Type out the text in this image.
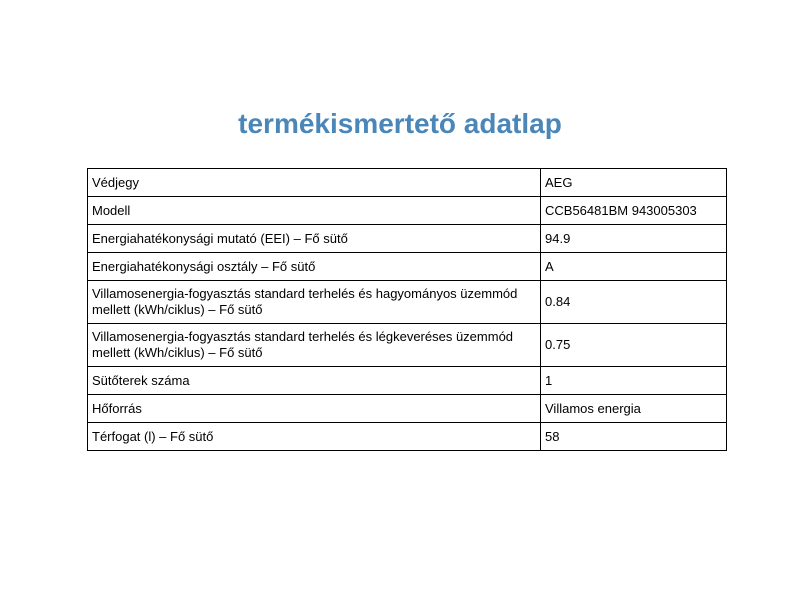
termékismertető adatlap
Védjegy	AEG
Modell	CCB56481BM 943005303
Energiahatékonysági mutató (EEI) – Fő sütő	94.9
Energiahatékonysági osztály – Fő sütő	A
Villamosenergia-fogyasztás standard terhelés és hagyományos üzemmód mellett (kWh/ciklus) – Fő sütő	0.84
Villamosenergia-fogyasztás standard terhelés és légkeveréses üzemmód mellett (kWh/ciklus) – Fő sütő	0.75
Sütőterek száma	1
Hőforrás	Villamos energia
Térfogat (l) – Fő sütő	58
